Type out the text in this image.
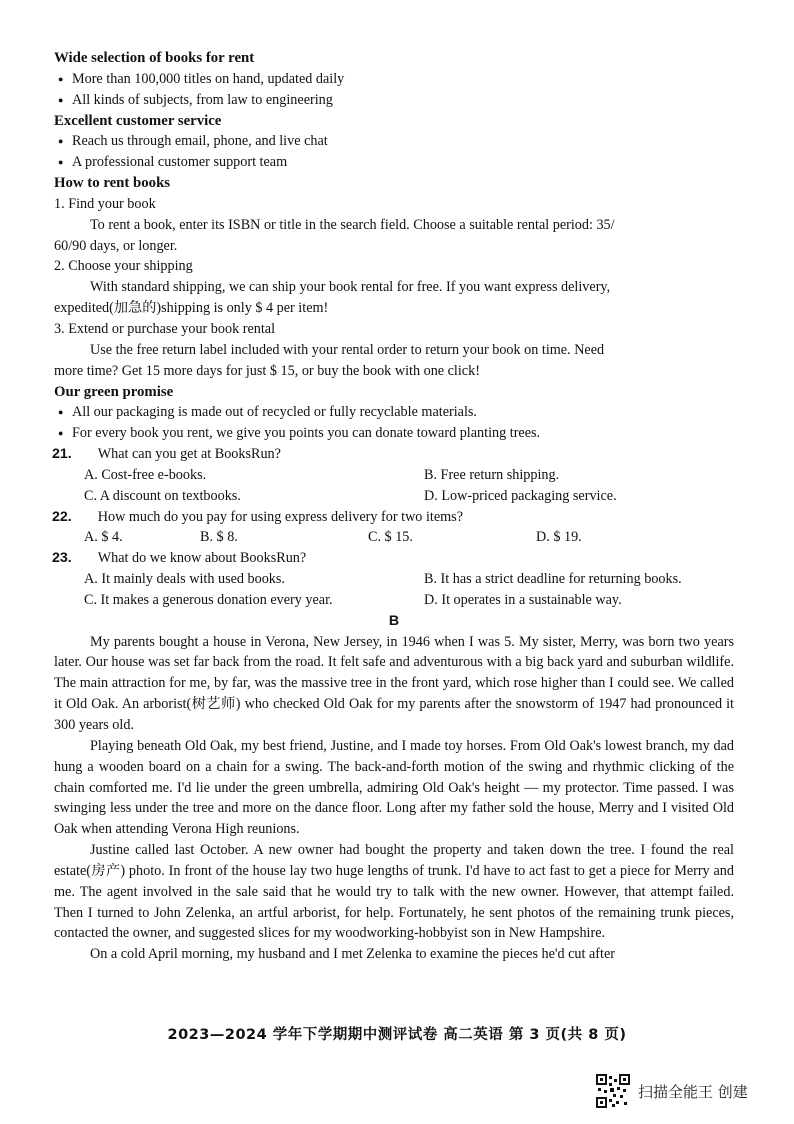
Wide selection of books for rent
● More than 100,000 titles on hand, updated daily
● All kinds of subjects, from law to engineering
Excellent customer service
● Reach us through email, phone, and live chat
● A professional customer support team
How to rent books
1. Find your book
To rent a book, enter its ISBN or title in the search field. Choose a suitable rental period: 35/
60/90 days, or longer.
2. Choose your shipping
With standard shipping, we can ship your book rental for free. If you want express delivery,
expedited(加急的)shipping is only $ 4 per item!
3. Extend or purchase your book rental
Use the free return label included with your rental order to return your book on time. Need
more time? Get 15 more days for just $ 15, or buy the book with one click!
Our green promise
● All our packaging is made out of recycled or fully recyclable materials.
● For every book you rent, we give you points you can donate toward planting trees.
21. What can you get at BooksRun?
A. Cost-free e-books.	B. Free return shipping.
C. A discount on textbooks.	D. Low-priced packaging service.
22. How much do you pay for using express delivery for two items?
A. $ 4.	B. $ 8.	C. $ 15.	D. $ 19.
23. What do we know about BooksRun?
A. It mainly deals with used books.	B. It has a strict deadline for returning books.
C. It makes a generous donation every year.	D. It operates in a sustainable way.
B
My parents bought a house in Verona, New Jersey, in 1946 when I was 5. My sister, Merry, was born two years later. Our house was set far back from the road. It felt safe and adventurous with a big back yard and suburban wildlife. The main attraction for me, by far, was the massive tree in the front yard, which rose higher than I could see. We called it Old Oak. An arborist(树艺师) who checked Old Oak for my parents after the snowstorm of 1947 had pronounced it 300 years old.
Playing beneath Old Oak, my best friend, Justine, and I made toy horses. From Old Oak's lowest branch, my dad hung a wooden board on a chain for a swing. The back-and-forth motion of the swing and rhythmic clicking of the chain comforted me. I'd lie under the green umbrella, admiring Old Oak's height — my protector. Time passed. I was swinging less under the tree and more on the dance floor. Long after my father sold the house, Merry and I visited Old Oak when attending Verona High reunions.
Justine called last October. A new owner had bought the property and taken down the tree. I found the real estate(房产) photo. In front of the house lay two huge lengths of trunk. I'd have to act fast to get a piece for Merry and me. The agent involved in the sale said that he would try to talk with the new owner. However, that attempt failed. Then I turned to John Zelenka, an artful arborist, for help. Fortunately, he sent photos of the remaining trunk pieces, contacted the owner, and suggested slices for my woodworking-hobbyist son in New Hampshire.
On a cold April morning, my husband and I met Zelenka to examine the pieces he'd cut after
2023—2024 学年下学期期中测评试卷 高二英语 第 3 页(共 8 页)
扫描全能王 创建
